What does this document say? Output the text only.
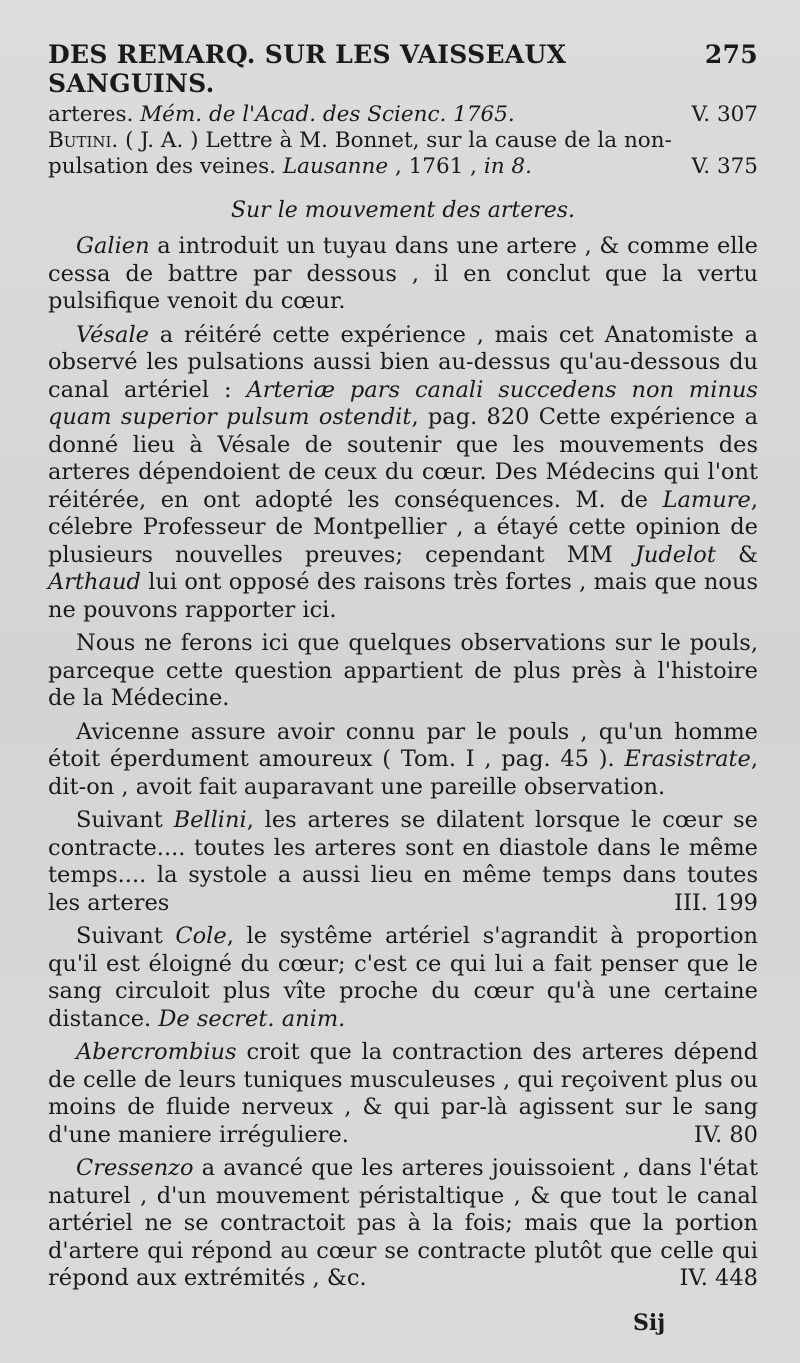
DES REMARQ. SUR LES VAISSEAUX SANGUINS.
275
arteres. Mém. de l'Acad. des Scienc. 1765.	V. 307
Butini. ( J. A. ) Lettre à M. Bonnet, sur la cause de la non-
pulsation des veines. Lausanne , 1761 , in 8.	V. 375
Sur le mouvement des arteres.

Galien a introduit un tuyau dans une artere , & comme elle cessa de battre par dessous , il en conclut que la vertu pulsifique venoit du cœur.

Vésale a réitéré cette expérience , mais cet Anatomiste a observé les pulsations aussi bien au-dessus qu'au-dessous du canal artériel : Arteriæ pars canali succedens non minus quam superior pulsum ostendit, pag. 820 Cette expérience a donné lieu à Vésale de soutenir que les mouvements des arteres dépendoient de ceux du cœur. Des Médecins qui l'ont réitérée, en ont adopté les conséquences. M. de Lamure, célebre Professeur de Montpellier , a étayé cette opinion de plusieurs nouvelles preuves; cependant MM Judelot & Arthaud lui ont opposé des raisons très fortes , mais que nous ne pouvons rapporter ici.

Nous ne ferons ici que quelques observations sur le pouls, parceque cette question appartient de plus près à l'histoire de la Médecine.

Avicenne assure avoir connu par le pouls , qu'un homme étoit éperdument amoureux ( Tom. I , pag. 45 ). Erasistrate, dit-on , avoit fait auparavant une pareille observation.

Suivant Bellini, les arteres se dilatent lorsque le cœur se contracte.... toutes les arteres sont en diastole dans le même temps.... la systole a aussi lieu en même temps dans toutes les arteres	III. 199

Suivant Cole, le systême artériel s'agrandit à proportion qu'il est éloigné du cœur; c'est ce qui lui a fait penser que le sang circuloit plus vîte proche du cœur qu'à une certaine distance. De secret. anim.

Abercrombius croit que la contraction des arteres dépend de celle de leurs tuniques musculeuses , qui reçoivent plus ou moins de fluide nerveux , & qui par-là agissent sur le sang d'une maniere irréguliere.	IV. 80

Cressenzo a avancé que les arteres jouissoient , dans l'état naturel , d'un mouvement péristaltique , & que tout le canal artériel ne se contractoit pas à la fois; mais que la portion d'artere qui répond au cœur se contracte plutôt que celle qui répond aux extrémités , &c.	IV. 448

Sij
